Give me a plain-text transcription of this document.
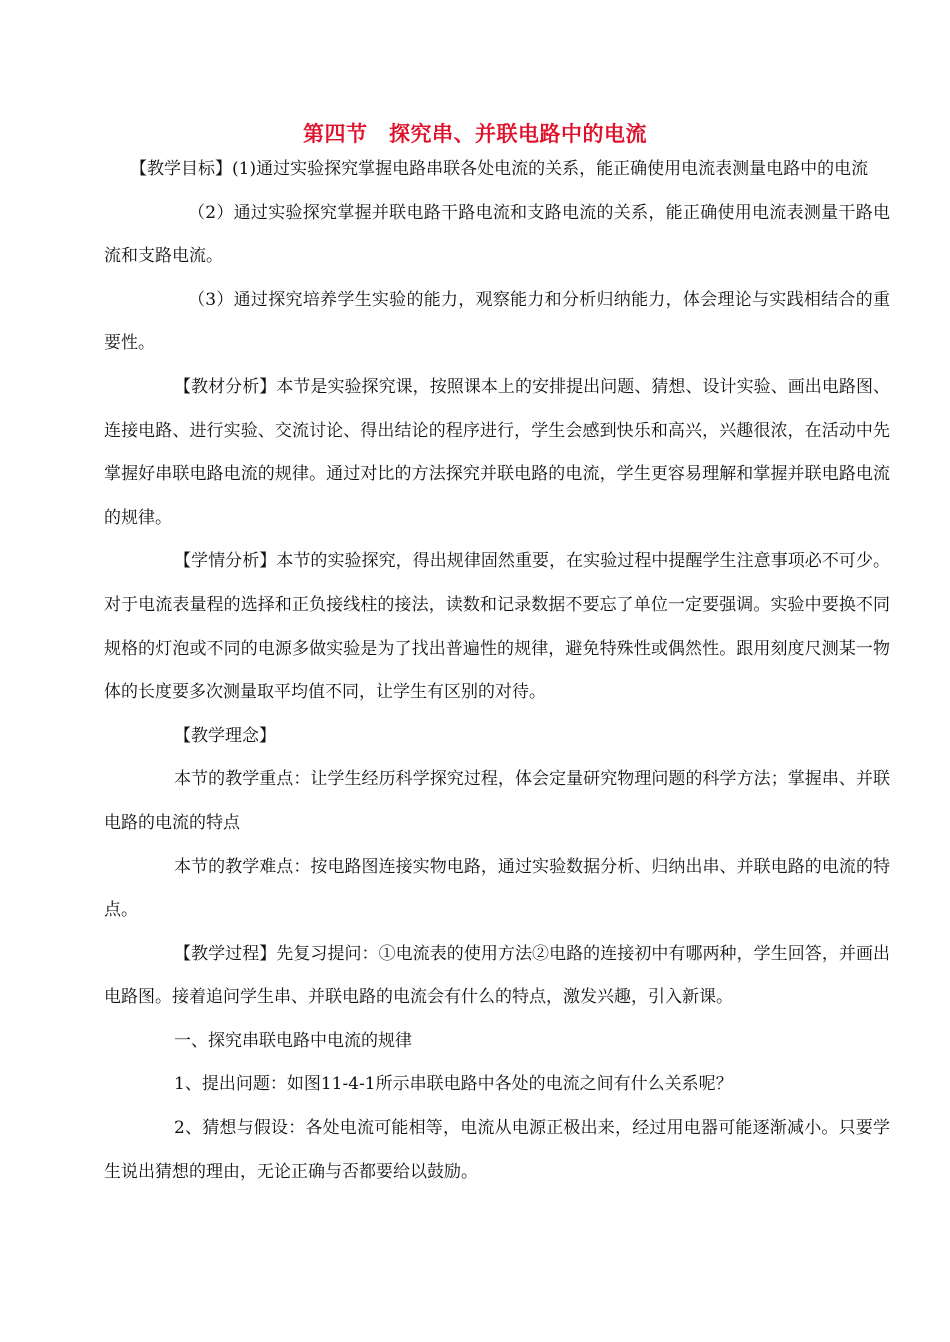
第四节　探究串、并联电路中的电流

【教学目标】(1)通过实验探究掌握电路串联各处电流的关系，能正确使用电流表测量电路中的电流

（2）通过实验探究掌握并联电路干路电流和支路电流的关系，能正确使用电流表测量干路电流和支路电流。

（3）通过探究培养学生实验的能力，观察能力和分析归纳能力，体会理论与实践相结合的重要性。

【教材分析】本节是实验探究课，按照课本上的安排提出问题、猜想、设计实验、画出电路图、连接电路、进行实验、交流讨论、得出结论的程序进行，学生会感到快乐和高兴，兴趣很浓，在活动中先掌握好串联电路电流的规律。通过对比的方法探究并联电路的电流，学生更容易理解和掌握并联电路电流的规律。

【学情分析】本节的实验探究，得出规律固然重要，在实验过程中提醒学生注意事项必不可少。对于电流表量程的选择和正负接线柱的接法，读数和记录数据不要忘了单位一定要强调。实验中要换不同规格的灯泡或不同的电源多做实验是为了找出普遍性的规律，避免特殊性或偶然性。跟用刻度尺测某一物体的长度要多次测量取平均值不同，让学生有区别的对待。

【教学理念】

本节的教学重点：让学生经历科学探究过程，体会定量研究物理问题的科学方法；掌握串、并联电路的电流的特点

本节的教学难点：按电路图连接实物电路，通过实验数据分析、归纳出串、并联电路的电流的特点。

【教学过程】先复习提问：①电流表的使用方法②电路的连接初中有哪两种，学生回答，并画出电路图。接着追问学生串、并联电路的电流会有什么的特点，激发兴趣，引入新课。

一、探究串联电路中电流的规律

1、提出问题：如图11-4-1所示串联电路中各处的电流之间有什么关系呢？

2、猜想与假设：各处电流可能相等，电流从电源正极出来，经过用电器可能逐渐减小。只要学生说出猜想的理由，无论正确与否都要给以鼓励。
